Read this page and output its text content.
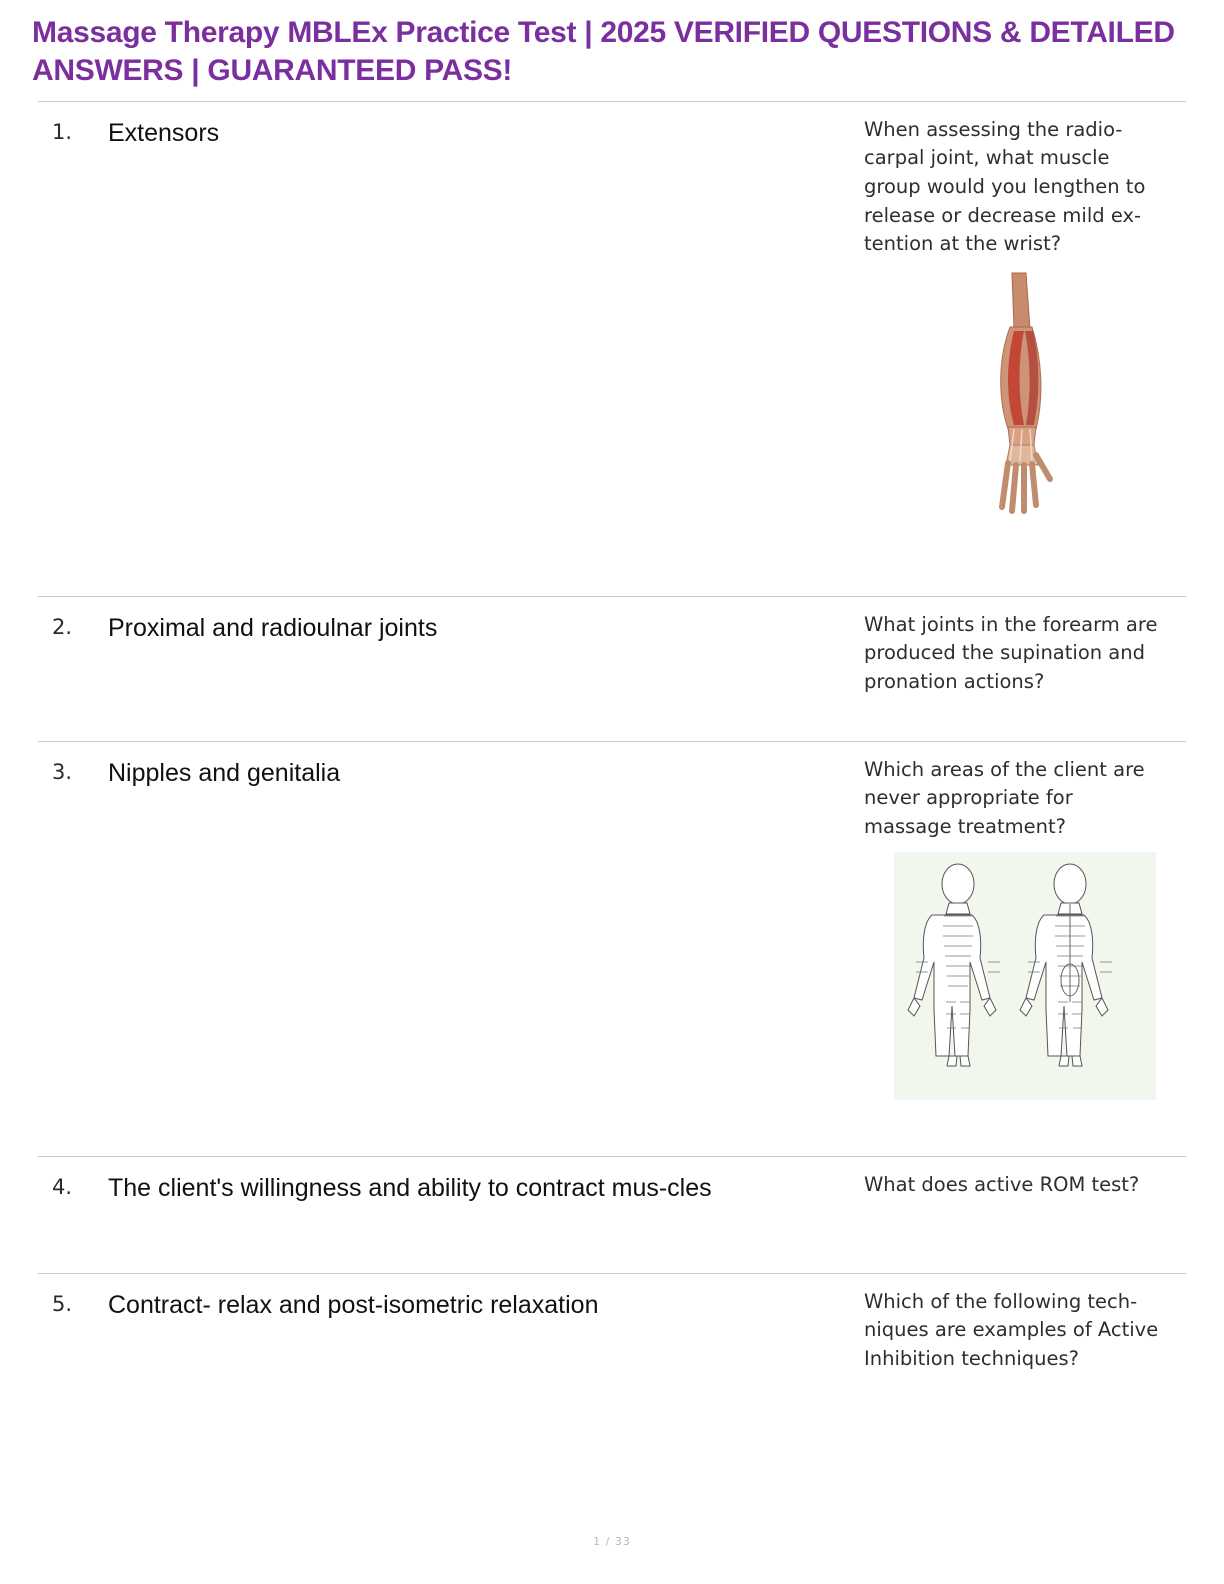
Massage Therapy MBLEx Practice Test | 2025 VERIFIED QUESTIONS & DETAILED ANSWERS | GUARANTEED PASS!
1.	Extensors	When assessing the radio-carpal joint, what muscle group would you lengthen to release or decrease mild ex-tention at the wrist?
2.	Proximal and radioulnar joints	What joints in the forearm are produced the supination and pronation actions?
3.	Nipples and genitalia	Which areas of the client are never appropriate for massage treatment?
4.	The client's willingness and ability to contract mus-cles	What does active ROM test?
5.	Contract- relax and post-isometric relaxation	Which of the following tech-niques are examples of Active Inhibition techniques?
1 / 33
